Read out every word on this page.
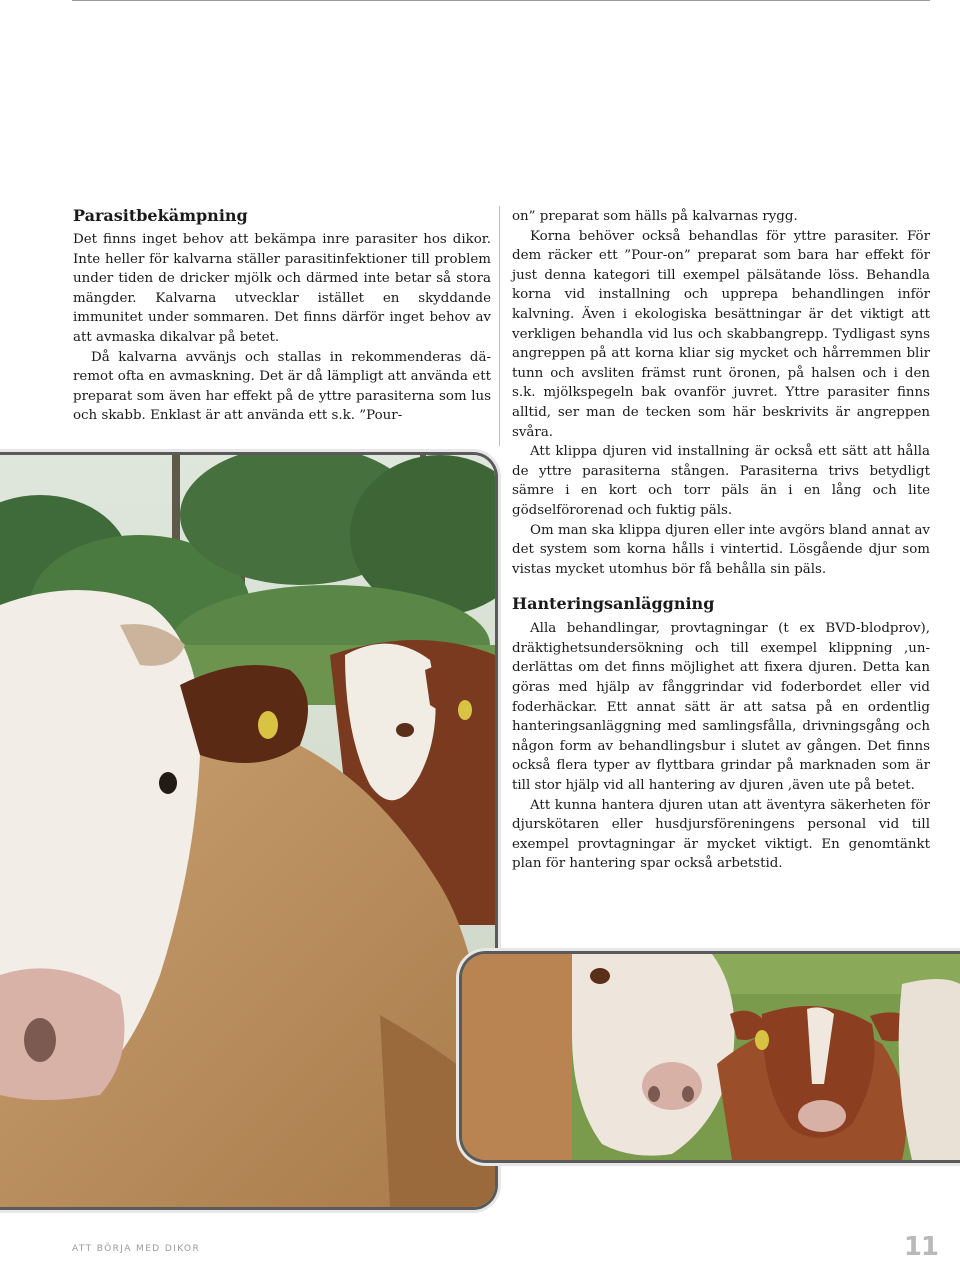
Parasitbekämpning

Det finns inget behov att bekämpa inre parasiter hos dikor. Inte heller för kalvarna ställer parasitinfektioner till problem under tiden de dricker mjölk och därmed inte betar så stora mängder. Kalvarna utvecklar istället en skyddande immunitet under sommaren. Det finns därför inget behov av att avmaska dikalvar på betet.

Då kalvarna avvänjs och stallas in rekommenderas däremot ofta en avmaskning. Det är då lämpligt att använda ett preparat som även har effekt på de yttre parasiterna som lus och skabb. Enklast är att använda ett s.k. ”Pour-

on” preparat som hälls på kalvarnas rygg.

Korna behöver också behandlas för yttre parasiter. För dem räcker ett ”Pour-on” preparat som bara har effekt för just denna kategori till exempel pälsätande löss. Behandla korna vid installning och upprepa behandlingen inför kalvning. Även i ekologiska besättningar är det viktigt att verkligen behandla vid lus och skabbangrepp. Tydligast syns angreppen på att korna kliar sig mycket och hårremmen blir tunn och avsliten främst runt öronen, på halsen och i den s.k. mjölkspegeln bak ovanför juvret. Yttre parasiter finns alltid, ser man de tecken som här beskrivits är angreppen svåra.

Att klippa djuren vid installning är också ett sätt att hålla de yttre parasiterna stången. Parasiterna trivs betydligt sämre i en kort och torr päls än i en lång och lite gödselförorenad och fuktig päls.

Om man ska klippa djuren eller inte avgörs bland annat av det system som korna hålls i vintertid. Lösgående djur som vistas mycket utomhus bör få behålla sin päls.

Hanteringsanläggning

Alla behandlingar, provtagningar (t ex BVD-blodprov), dräktighetsundersökning och till exempel klippning ,underlättas om det finns möjlighet att fixera djuren. Detta kan göras med hjälp av fånggrindar vid foderbordet eller vid foderhäckar. Ett annat sätt är att satsa på en ordentlig hanteringsanläggning med samlingsfålla, drivningsgång och någon form av behandlingsbur i slutet av gången. Det finns också flera typer av flyttbara grindar på marknaden som är till stor hjälp vid all hantering av djuren ,även ute på betet.

Att kunna hantera djuren utan att äventyra säkerheten för djurskötaren eller husdjursföreningens personal vid till exempel provtagningar är mycket viktigt. En genomtänkt plan för hantering spar också arbetstid.

ATT BÖRJA MED DIKOR	11
